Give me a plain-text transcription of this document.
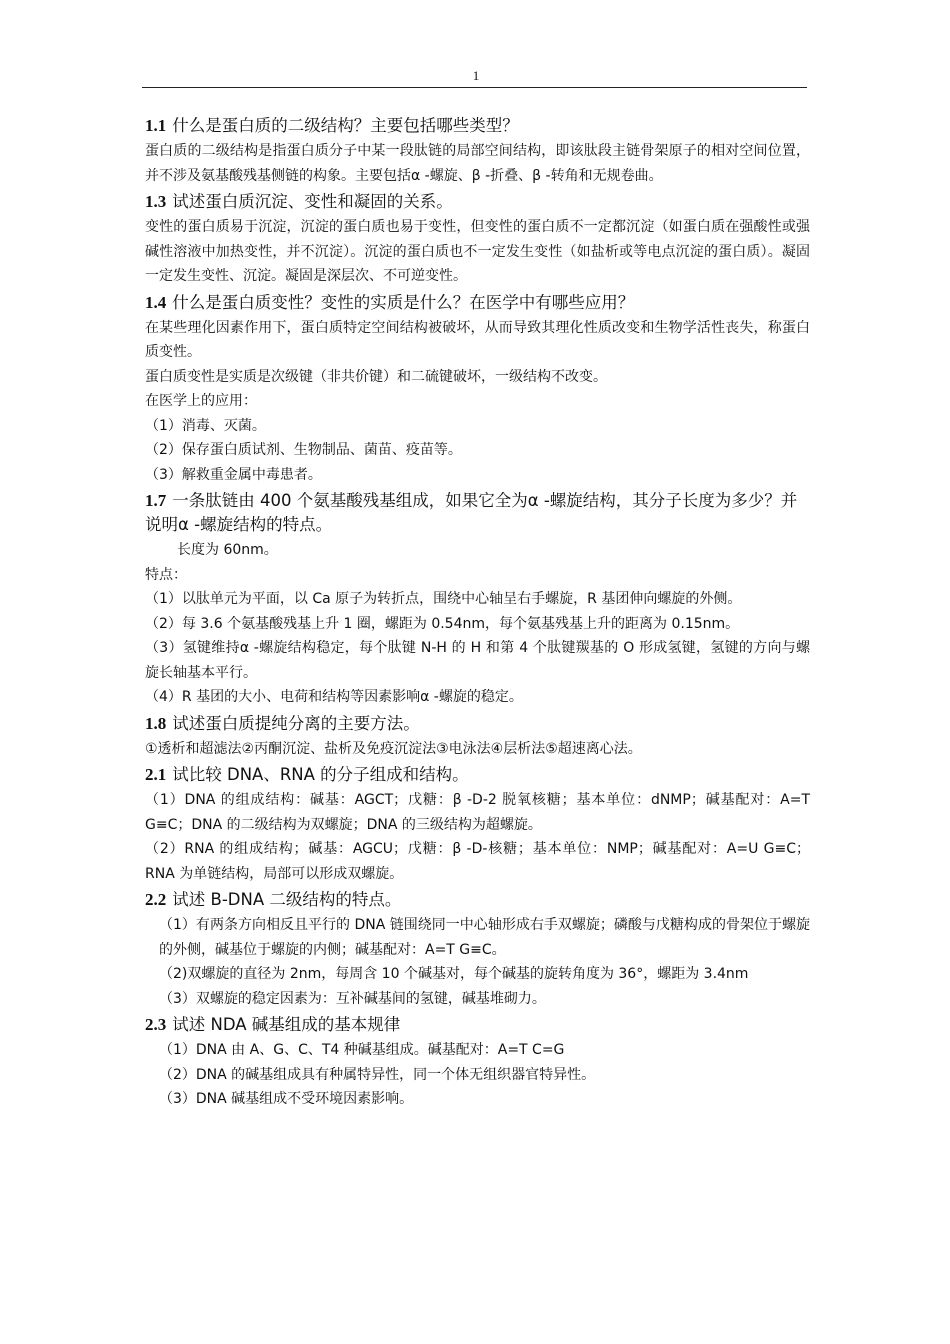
1
1.1 什么是蛋白质的二级结构？主要包括哪些类型？
蛋白质的二级结构是指蛋白质分子中某一段肽链的局部空间结构，即该肽段主链骨架原子的相对空间位置，并不涉及氨基酸残基侧链的构象。主要包括α -螺旋、β -折叠、β -转角和无规卷曲。
1.3 试述蛋白质沉淀、变性和凝固的关系。
变性的蛋白质易于沉淀，沉淀的蛋白质也易于变性，但变性的蛋白质不一定都沉淀（如蛋白质在强酸性或强碱性溶液中加热变性，并不沉淀）。沉淀的蛋白质也不一定发生变性（如盐析或等电点沉淀的蛋白质）。凝固一定发生变性、沉淀。凝固是深层次、不可逆变性。
1.4 什么是蛋白质变性？变性的实质是什么？在医学中有哪些应用？
在某些理化因素作用下，蛋白质特定空间结构被破坏，从而导致其理化性质改变和生物学活性丧失，称蛋白质变性。
蛋白质变性是实质是次级键（非共价键）和二硫键破坏，一级结构不改变。
在医学上的应用：
（1）消毒、灭菌。
（2）保存蛋白质试剂、生物制品、菌苗、疫苗等。
（3）解救重金属中毒患者。
1.7 一条肽链由 400 个氨基酸残基组成，如果它全为α -螺旋结构，其分子长度为多少？并说明α -螺旋结构的特点。
长度为 60nm。
特点：
（1）以肽单元为平面，以 Ca 原子为转折点，围绕中心轴呈右手螺旋，R 基团伸向螺旋的外侧。
（2）每 3.6 个氨基酸残基上升 1 圈，螺距为 0.54nm，每个氨基残基上升的距离为 0.15nm。
（3）氢键维持α -螺旋结构稳定，每个肽键 N-H 的 H 和第 4 个肽键羰基的 O 形成氢键，氢键的方向与螺旋长轴基本平行。
（4）R 基团的大小、电荷和结构等因素影响α -螺旋的稳定。
1.8 试述蛋白质提纯分离的主要方法。
①透析和超滤法②丙酮沉淀、盐析及免疫沉淀法③电泳法④层析法⑤超速离心法。
2.1 试比较 DNA、RNA 的分子组成和结构。
（1）DNA 的组成结构：碱基：AGCT；戊糖：β -D-2 脱氧核糖；基本单位：dNMP；碱基配对：A=T G≡C；DNA 的二级结构为双螺旋；DNA 的三级结构为超螺旋。
（2）RNA 的组成结构；碱基：AGCU；戊糖：β -D-核糖；基本单位：NMP；碱基配对：A=U G≡C；RNA 为单链结构，局部可以形成双螺旋。
2.2 试述 B-DNA 二级结构的特点。
（1）有两条方向相反且平行的 DNA 链围绕同一中心轴形成右手双螺旋；磷酸与戊糖构成的骨架位于螺旋的外侧，碱基位于螺旋的内侧；碱基配对：A=T G≡C。
（2)双螺旋的直径为 2nm，每周含 10 个碱基对，每个碱基的旋转角度为 36°，螺距为 3.4nm
（3）双螺旋的稳定因素为：互补碱基间的氢键，碱基堆砌力。
2.3 试述 NDA 碱基组成的基本规律
（1）DNA 由 A、G、C、T4 种碱基组成。碱基配对：A=T C=G
（2）DNA 的碱基组成具有种属特异性，同一个体无组织器官特异性。
（3）DNA 碱基组成不受环境因素影响。
